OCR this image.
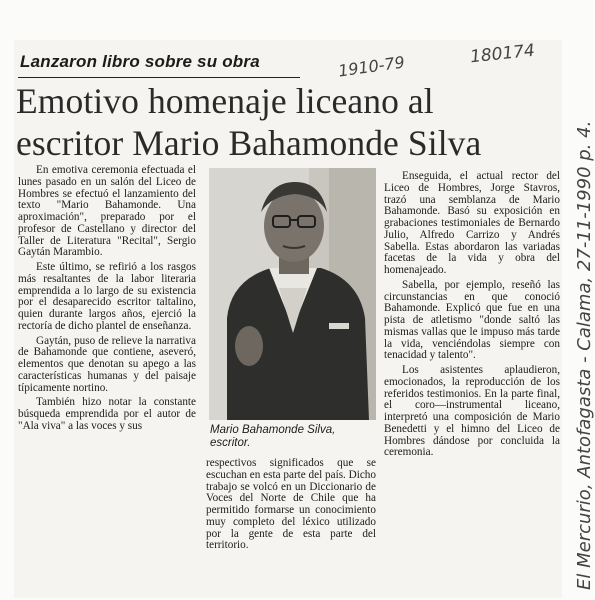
Lanzaron libro sobre su obra	1910-79	180174
El Mercurio, Antofagasta - Calama, 27-11-1990 p. 4.
Emotivo homenaje liceano al
escritor Mario Bahamonde Silva

En emotiva ceremonia efectuada el lunes pasado en un salón del Liceo de Hombres se efectuó el lanzamiento del texto "Mario Bahamonde. Una aproximación", preparado por el profesor de Castellano y director del Taller de Literatura "Recital", Sergio Gaytán Marambio.

Este último, se refirió a los rasgos más resaltantes de la labor literaria emprendida a lo largo de su existencia por el desaparecido escritor taltalino, quien durante largos años, ejerció la rectoría de dicho plantel de enseñanza.

Gaytán, puso de relieve la narrativa de Bahamonde que contiene, aseveró, elementos que denotan su apego a las características humanas y del paisaje típicamente nortino.

También hizo notar la constante búsqueda emprendida por el autor de "Ala viva" a las voces y sus	Mario Bahamonde Silva, escritor.

respectivos significados que se escuchan en esta parte del país. Dicho trabajo se volcó en un Diccionario de Voces del Norte de Chile que ha permitido formarse un conocimiento muy completo del léxico utilizado por la gente de esta parte del territorio.

Enseguida, el actual rector del Liceo de Hombres, Jorge Stavros, trazó una semblanza de Mario Bahamonde. Basó su exposición en grabaciones testimoniales de Bernardo Julio, Alfredo Carrizo y Andrés Sabella. Estas abordaron las variadas facetas de la vida y obra del homenajeado.

Sabella, por ejemplo, reseñó las circunstancias en que conoció Bahamonde. Explicó que fue en una pista de atletismo "donde saltó las mismas vallas que le impuso más tarde la vida, venciéndolas siempre con tenacidad y talento".

Los asistentes aplaudieron, emocionados, la reproducción de los referidos testimonios. En la parte final, el coro—instrumental liceano, interpretó una composición de Mario Benedetti y el himno del Liceo de Hombres dándose por concluida la ceremonia.
